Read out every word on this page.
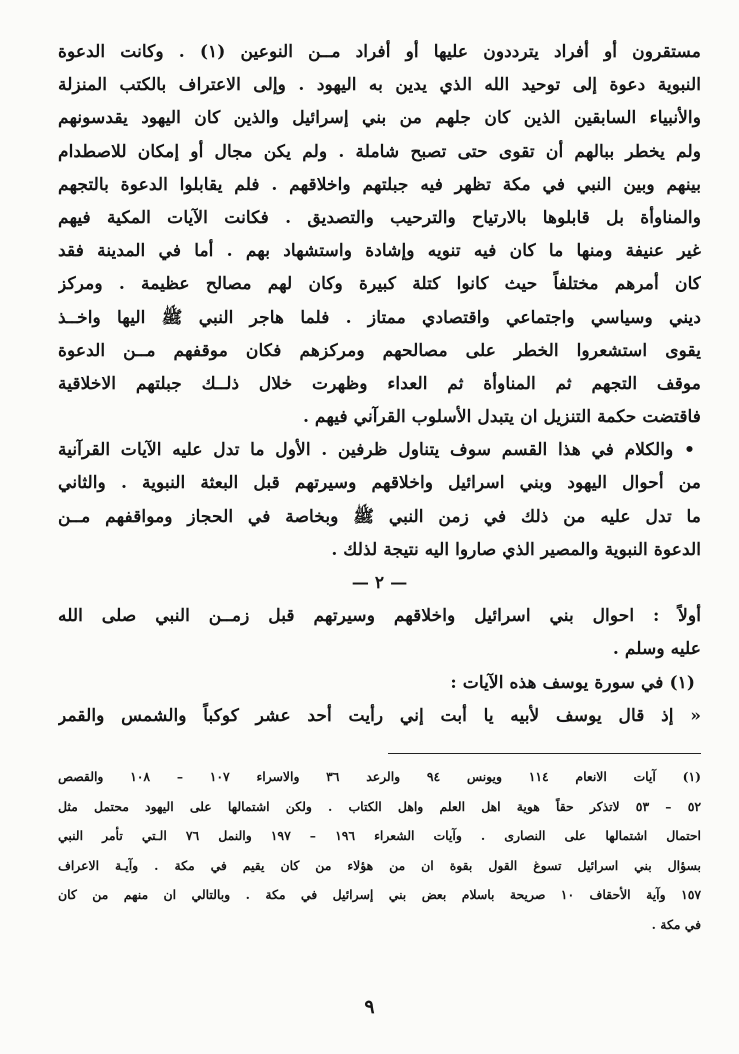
مستقرون أو أفراد يترددون عليها أو أفراد مــن النوعين (١) . وكانت الدعوة
النبوية دعوة إلى توحيد الله الذي يدين به اليهود . وإلى الاعتراف بالكتب المنزلة
والأنبياء السابقين الذين كان جلهم من بني إسرائيل والذين كان اليهود يقدسونهم
ولم يخطر ببالهم أن تقوى حتى تصبح شاملة . ولم يكن مجال أو إمكان للاصطدام
بينهم وبين النبي في مكة تظهر فيه جبلتهم واخلاقهم . فلم يقابلوا الدعوة بالتجهم
والمناوأة بل قابلوها بالارتياح والترحيب والتصديق . فكانت الآيات المكية فيهم
غير عنيفة ومنها ما كان فيه تنويه وإشادة واستشهاد بهم . أما في المدينة فقد
كان أمرهم مختلفاً حيث كانوا كتلة كبيرة وكان لهم مصالح عظيمة . ومركز
ديني وسياسي واجتماعي واقتصادي ممتاز . فلما هاجر النبي ﷺ اليها واخــذ
يقوى استشعروا الخطر على مصالحهم ومركزهم فكان موقفهم مــن الدعوة
موقف التجهم ثم المناوأة ثم العداء وظهرت خلال ذلــك جبلتهم الاخلاقية
فاقتضت حكمة التنزيل ان يتبدل الأسلوب القرآني فيهم .
• والكلام في هذا القسم سوف يتناول ظرفين . الأول ما تدل عليه الآيات القرآنية
من أحوال اليهود وبني اسرائيل واخلاقهم وسيرتهم قبل البعثة النبوية . والثاني
ما تدل عليه من ذلك في زمن النبي ﷺ وبخاصة في الحجاز ومواقفهم مــن
الدعوة النبوية والمصير الذي صاروا اليه نتيجة لذلك .
— ٢ —
أولاً : احوال بني اسرائيل واخلاقهم وسيرتهم قبل زمــن النبي صلى الله
عليه وسلم .
(١) في سورة يوسف هذه الآيات :
« إذ قال يوسف لأبيه يا أبت إني رأيت أحد عشر كوكباً والشمس والقمر
(١) آيات الانعام ١١٤ ويونس ٩٤ والرعد ٣٦ والاسراء ١٠٧ – ١٠٨ والقصص
٥٢ – ٥٣ لاتذكر حقاً هوية اهل العلم واهل الكتاب . ولكن اشتمالها على اليهود محتمل مثل
احتمال اشتمالها على النصارى . وآيات الشعراء ١٩٦ – ١٩٧ والنمل ٧٦ الـتي تأمر النبي
بسؤال بني اسرائيل تسوغ القول بقوة ان من هؤلاء من كان يقيم في مكة . وآيـة الاعراف
١٥٧ وآية الأحقاف ١٠ صريحة باسلام بعض بني إسرائيل في مكة . وبالتالي ان منهم من كان
في مكة .
٩
